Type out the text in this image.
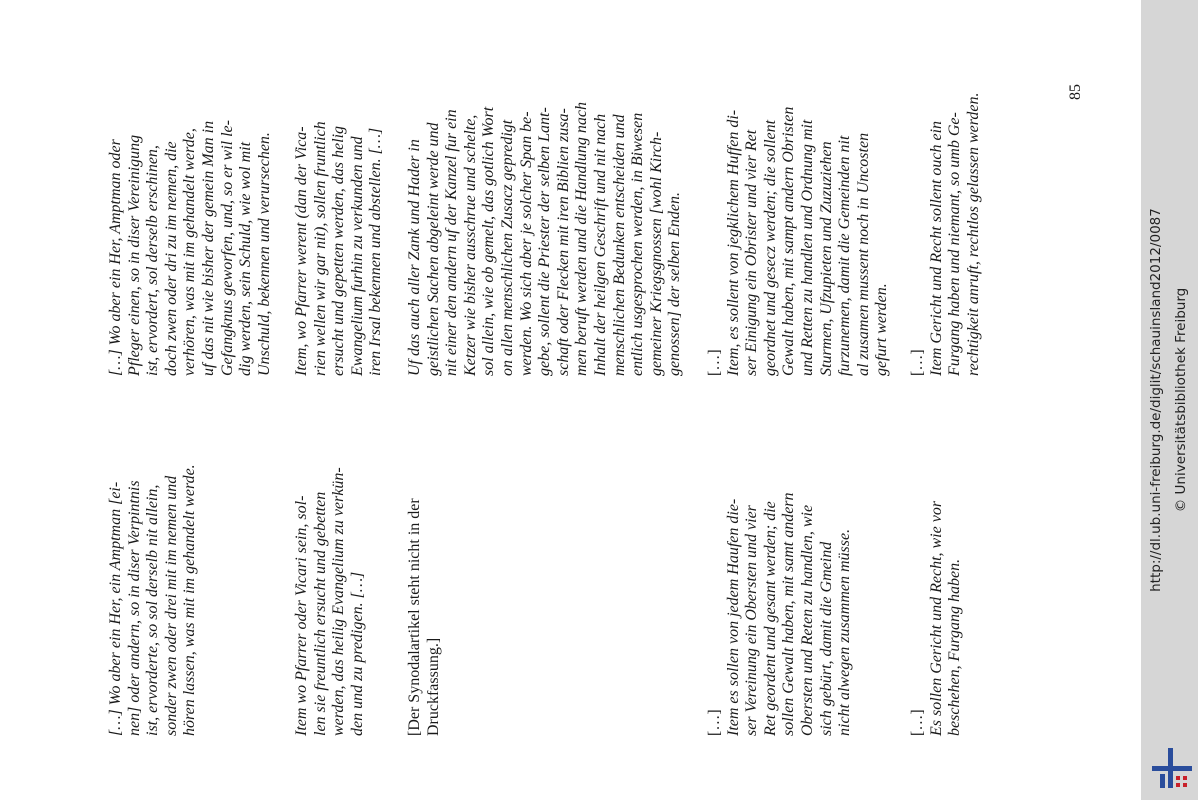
[…] Wo aber ein Her, ein Amptman [ei-
nen] oder andern, so in diser Verpintnis
ist, ervorderte, so sol derselb nit allein,
sonder zwen oder drei mit im nemen und
hören lassen, was mit im gehandelt werde.
Item wo Pfarrer oder Vicari sein, sol-
len sie freuntlich ersucht und gebetten
werden, das heilig Evangelium zu verkün-
den und zu predigen. […]
[Der Synodalartikel steht nicht in der
Druckfassung.]	[…]
Item es sollen von jedem Haufen die-
ser Vereinung ein Obersten und vier
Ret geordent und gesant werden; die
sollen Gewalt haben, mit samt andern
Obersten und Reten zu handlen, wie
sich gebürt, damit die Gmeind
nicht alwegen zusammen müsse.
[…]
Es sollen Gericht und Recht, wie vor
beschehen, Furgang haben.
[…] Wo aber ein Her, Amptman oder
Pfleger einen, so in diser Vereinigung
ist, ervordert, sol derselb erschinen,
doch zwen oder dri zu im nemen, die
verhören, was mit im gehandelt werde,
uf das nit wie bisher der gemein Man in
Gefangknus geworfen, und, so er wil le-
dig werden, sein Schuld, wie wol mit
Unschuld, bekennen und verursechen.
Item, wo Pfarrer werent (dan der Vica-
rien wellen wir gar nit), sollen fruntlich
ersucht und gepetten werden, das helig
Ewangelium furhin zu verkunden und
iren Irsal bekennen und abstellen. […]
Uf das auch aller Zank und Hader in
geistlichen Sachen abgeleint werde und
nit einer den andern uf der Kanzel fur ein
Ketzer wie bisher ausschrue und schelte,
sol allein, wie ob gemelt, das gotlich Wort
on allen menschlichen Zusacz gepredigt
werden. Wo sich aber je solcher Span be-
gebe, sollent die Priester der selben Lant-
schaft oder Flecken mit iren Biblien zusa-
men beruft werden und die Handlung nach
Inhalt der heilgen Geschrift und nit nach
menschlichen Bedunken entscheiden und
entlich usgesprochen werden, in Biwesen
gemeiner Kriegsgnossen [wohl Kirch-
genossen] der selben Enden.
[…]
Item, es sollent von jegklichem Huffen di-
ser Einigung ein Obrister und vier Ret
geordnet und gesecz werden; die sollent
Gewalt haben, mit sampt andern Obristen
und Retten zu handlen und Ordnung mit
Sturmen, Ufzupieten und Zuzuziehen
furzunemen, damit die Gemeinden nit
al zusamen mussent noch in Uncosten
gefurt werden.
[…]
Item Gericht und Recht sollent ouch ein
Furgang haben und niemant, so umb Ge-
rechtigkeit anruft, rechtlos gelassen werden.
85
http://dl.ub.uni-freiburg.de/diglit/schauinsland2012/0087 © Universitätsbibliothek Freiburg
